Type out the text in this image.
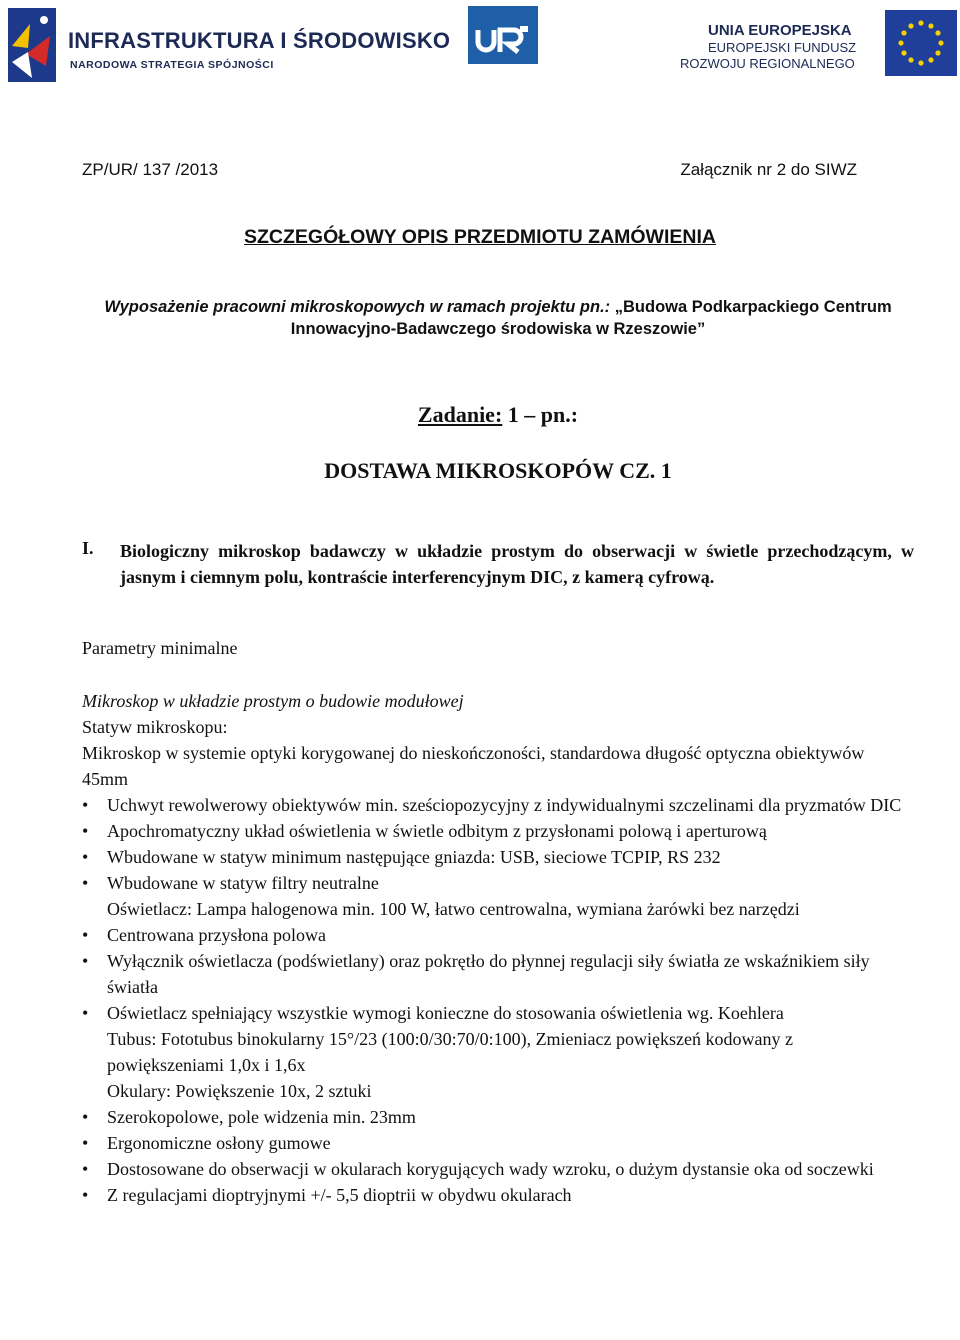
INFRASTRUKTURA I ŚRODOWISKO
NARODOWA STRATEGIA SPÓJNOŚCI
UNIA EUROPEJSKA
EUROPEJSKI FUNDUSZ
ROZWOJU REGIONALNEGO
ZP/UR/ 137 /2013	Załącznik nr 2 do SIWZ
SZCZEGÓŁOWY OPIS PRZEDMIOTU ZAMÓWIENIA
Wyposażenie pracowni mikroskopowych w ramach projektu pn.: „Budowa Podkarpackiego Centrum Innowacyjno-Badawczego środowiska w Rzeszowie”
Zadanie: 1 – pn.:
DOSTAWA MIKROSKOPÓW CZ. 1
I. Biologiczny mikroskop badawczy w układzie prostym do obserwacji w świetle przechodzącym, w jasnym i ciemnym polu, kontraście interferencyjnym DIC, z kamerą cyfrową.
Parametry minimalne
Mikroskop w układzie prostym o budowie modułowej
Statyw mikroskopu:
Mikroskop w systemie optyki korygowanej do nieskończoności, standardowa długość optyczna obiektywów 45mm
• Uchwyt rewolwerowy obiektywów min. sześciopozycyjny z indywidualnymi szczelinami dla pryzmatów DIC
• Apochromatyczny układ oświetlenia w świetle odbitym z przysłonami polową i aperturową
• Wbudowane w statyw minimum następujące gniazda: USB, sieciowe TCPIP, RS 232
• Wbudowane w statyw filtry neutralne
Oświetlacz: Lampa halogenowa min. 100 W, łatwo centrowalna, wymiana żarówki bez narzędzi
• Centrowana przysłona polowa
• Wyłącznik oświetlacza (podświetlany) oraz pokrętło do płynnej regulacji siły światła ze wskaźnikiem siły światła
• Oświetlacz spełniający wszystkie wymogi konieczne do stosowania oświetlenia wg. Koehlera
Tubus: Fototubus binokularny 15°/23 (100:0/30:70/0:100), Zmieniacz powiększeń kodowany z powiększeniami 1,0x i 1,6x
Okulary: Powiększenie 10x, 2 sztuki
• Szerokopolowe, pole widzenia min. 23mm
• Ergonomiczne osłony gumowe
• Dostosowane do obserwacji w okularach korygujących wady wzroku, o dużym dystansie oka od soczewki
• Z regulacjami dioptryjnymi +/- 5,5 dioptrii w obydwu okularach
